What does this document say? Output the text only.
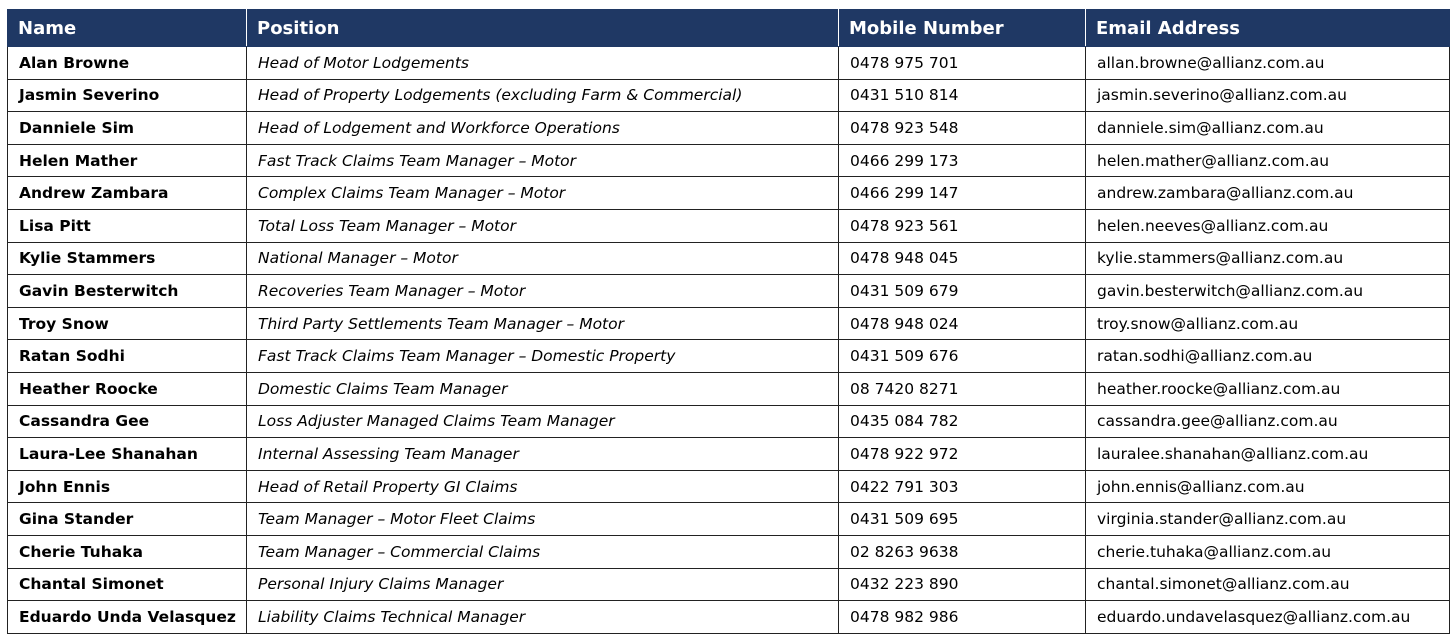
Name	Position	Mobile Number	Email Address
Alan Browne	Head of Motor Lodgements	0478 975 701	allan.browne@allianz.com.au
Jasmin Severino	Head of Property Lodgements (excluding Farm & Commercial)	0431 510 814	jasmin.severino@allianz.com.au
Danniele Sim	Head of Lodgement and Workforce Operations	0478 923 548	danniele.sim@allianz.com.au
Helen Mather	Fast Track Claims Team Manager – Motor	0466 299 173	helen.mather@allianz.com.au
Andrew Zambara	Complex Claims Team Manager – Motor	0466 299 147	andrew.zambara@allianz.com.au
Lisa Pitt	Total Loss Team Manager – Motor	0478 923 561	helen.neeves@allianz.com.au
Kylie Stammers	National Manager – Motor	0478 948 045	kylie.stammers@allianz.com.au
Gavin Besterwitch	Recoveries Team Manager – Motor	0431 509 679	gavin.besterwitch@allianz.com.au
Troy Snow	Third Party Settlements Team Manager – Motor	0478 948 024	troy.snow@allianz.com.au
Ratan Sodhi	Fast Track Claims Team Manager – Domestic Property	0431 509 676	ratan.sodhi@allianz.com.au
Heather Roocke	Domestic Claims Team Manager	08 7420 8271	heather.roocke@allianz.com.au
Cassandra Gee	Loss Adjuster Managed Claims Team Manager	0435 084 782	cassandra.gee@allianz.com.au
Laura-Lee Shanahan	Internal Assessing Team Manager	0478 922 972	lauralee.shanahan@allianz.com.au
John Ennis	Head of Retail Property GI Claims	0422 791 303	john.ennis@allianz.com.au
Gina Stander	Team Manager – Motor Fleet Claims	0431 509 695	virginia.stander@allianz.com.au
Cherie Tuhaka	Team Manager – Commercial Claims	02 8263 9638	cherie.tuhaka@allianz.com.au
Chantal Simonet	Personal Injury Claims Manager	0432 223 890	chantal.simonet@allianz.com.au
Eduardo Unda Velasquez	Liability Claims Technical Manager	0478 982 986	eduardo.undavelasquez@allianz.com.au
